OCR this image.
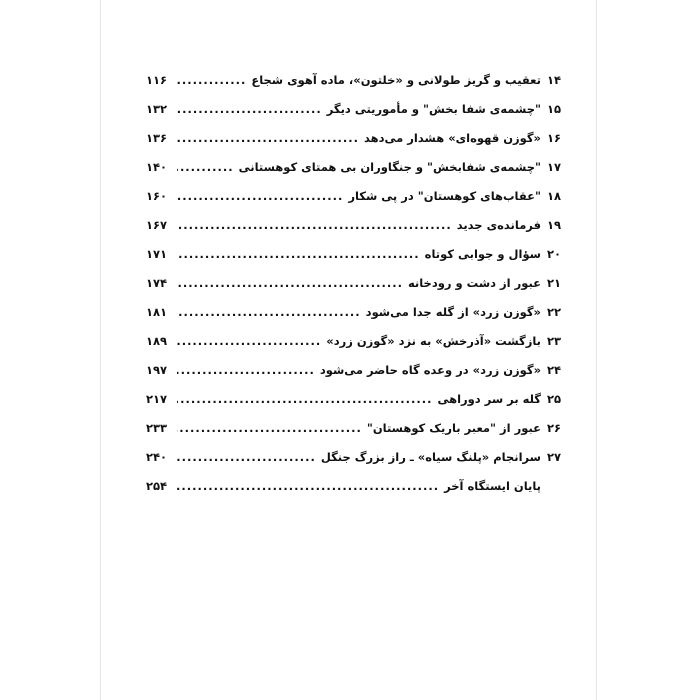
۱۴
تعقیب و گریز طولانی و «خلتون»، ماده آهوی شجاع
.....
۱۱۶
۱۵
"چشمه‌ی شفا بخش" و مأموریتی دیگر
.....
۱۳۲
۱۶
«گوزن قهوه‌ای» هشدار می‌دهد
.....
۱۳۶
۱۷
"چشمه‌ی شفابخش" و جنگاوران بی همتای کوهستانی
.....
۱۴۰
۱۸
"عقاب‌های کوهستان" در پی شکار
.....
۱۶۰
۱۹
فرمانده‌ی جدید
.....
۱۶۷
۲۰
سؤال و جوابی کوتاه
.....
۱۷۱
۲۱
عبور از دشت و رودخانه
.....
۱۷۴
۲۲
«گوزن زرد» از گله جدا می‌شود
.....
۱۸۱
۲۳
بازگشت «آذرخش» به نزد «گوزن زرد»
.....
۱۸۹
۲۴
«گوزن زرد» در وعده گاه حاضر می‌شود
.....
۱۹۷
۲۵
گله بر سر دوراهی
.....
۲۱۷
۲۶
عبور از "معبر باریک کوهستان"
.....
۲۳۳
۲۷
سرانجام «پلنگ سیاه» ـ راز بزرگ جنگل
.....
۲۴۰
پایان ایستگاه آخر
.....
۲۵۴
